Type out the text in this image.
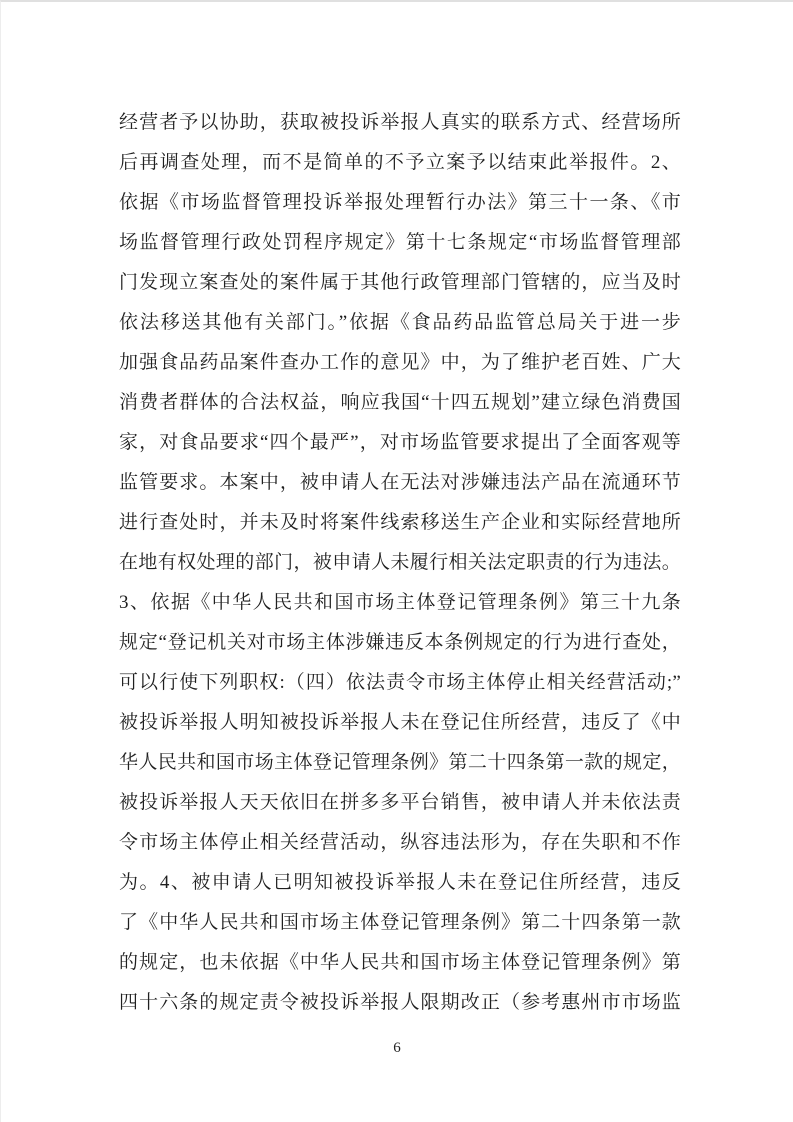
经营者予以协助，获取被投诉举报人真实的联系方式、经营场所
后再调查处理，而不是简单的不予立案予以结束此举报件。2、
依据《市场监督管理投诉举报处理暂行办法》第三十一条、《市
场监督管理行政处罚程序规定》第十七条规定“市场监督管理部
门发现立案查处的案件属于其他行政管理部门管辖的，应当及时
依法移送其他有关部门。”依据《食品药品监管总局关于进一步
加强食品药品案件查办工作的意见》中，为了维护老百姓、广大
消费者群体的合法权益，响应我国“十四五规划”建立绿色消费国
家，对食品要求“四个最严”，对市场监管要求提出了全面客观等
监管要求。本案中，被申请人在无法对涉嫌违法产品在流通环节
进行查处时，并未及时将案件线索移送生产企业和实际经营地所
在地有权处理的部门，被申请人未履行相关法定职责的行为违法。
3、依据《中华人民共和国市场主体登记管理条例》第三十九条
规定“登记机关对市场主体涉嫌违反本条例规定的行为进行查处，
可以行使下列职权:（四）依法责令市场主体停止相关经营活动;”
被投诉举报人明知被投诉举报人未在登记住所经营，违反了《中
华人民共和国市场主体登记管理条例》第二十四条第一款的规定，
被投诉举报人天天依旧在拼多多平台销售，被申请人并未依法责
令市场主体停止相关经营活动，纵容违法形为，存在失职和不作
为。4、被申请人已明知被投诉举报人未在登记住所经营，违反
了《中华人民共和国市场主体登记管理条例》第二十四条第一款
的规定，也未依据《中华人民共和国市场主体登记管理条例》第
四十六条的规定责令被投诉举报人限期改正（参考惠州市市场监
6
